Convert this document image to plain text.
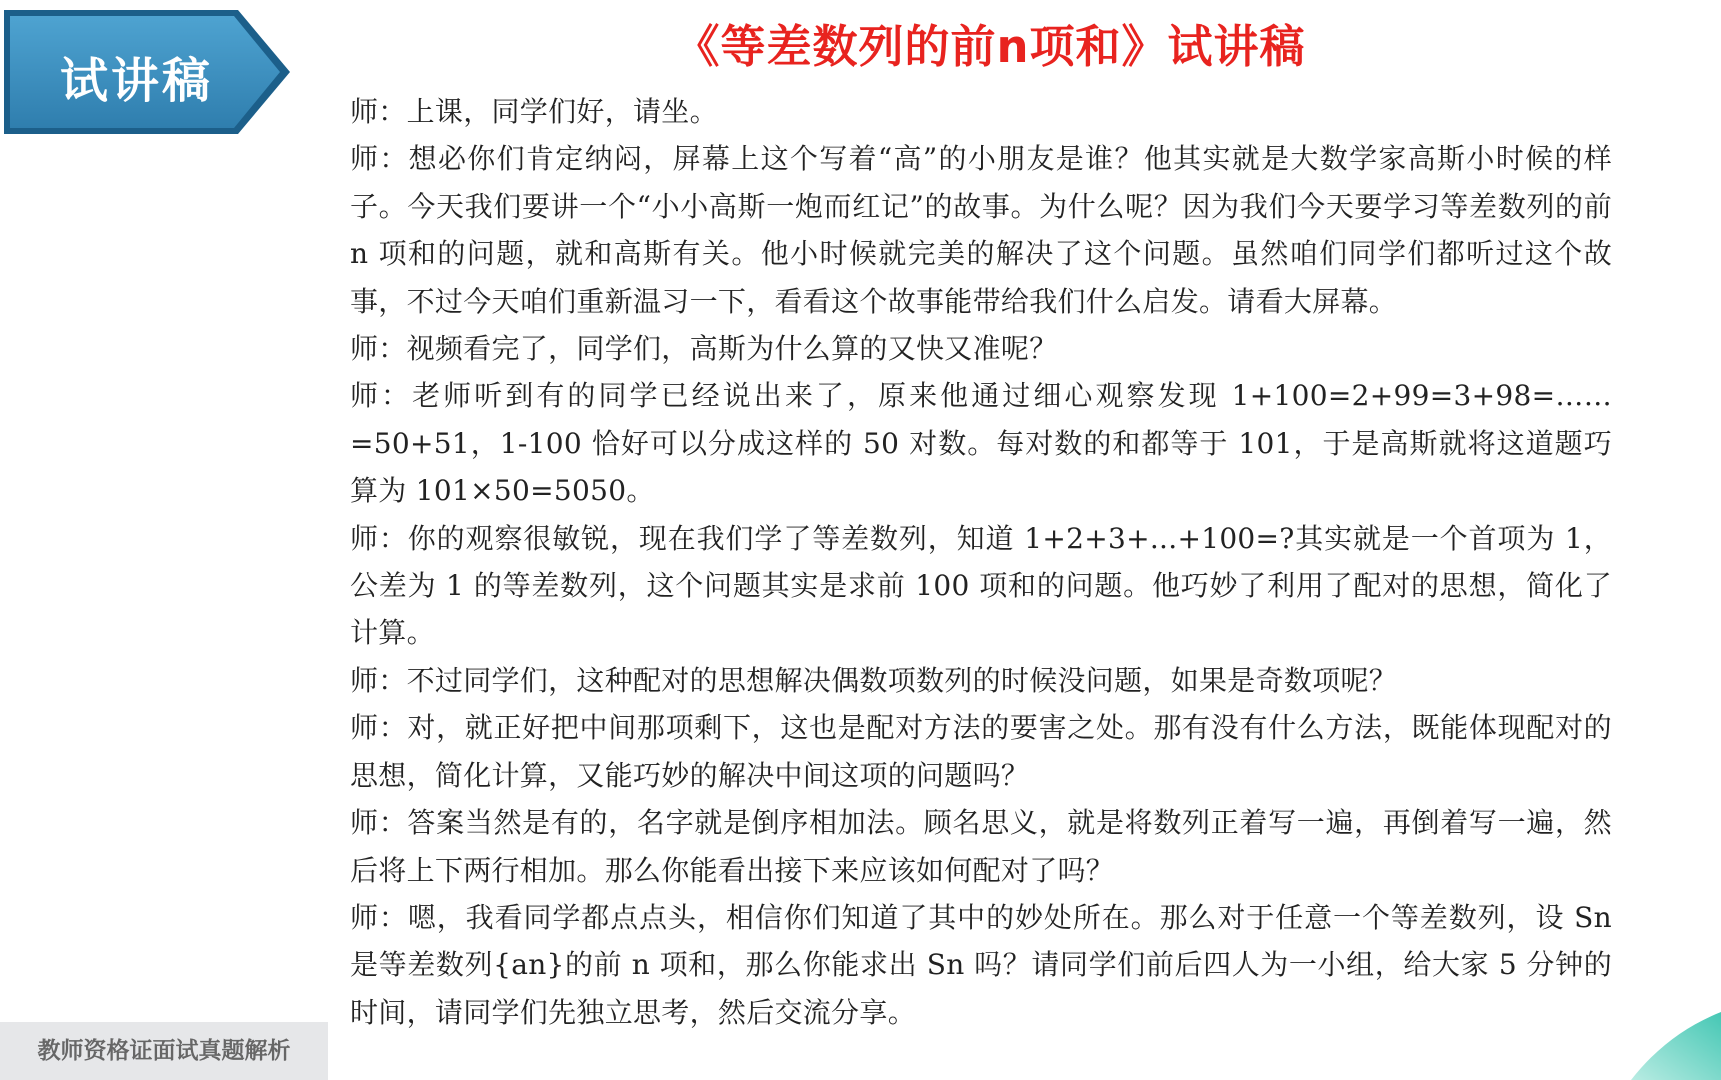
试讲稿
《等差数列的前n项和》试讲稿

师：上课，同学们好，请坐。

师：想必你们肯定纳闷，屏幕上这个写着“高”的小朋友是谁？他其实就是大数学家高斯小时候的样子。今天我们要讲一个“小小高斯一炮而红记”的故事。为什么呢？因为我们今天要学习等差数列的前 n 项和的问题，就和高斯有关。他小时候就完美的解决了这个问题。虽然咱们同学们都听过这个故事，不过今天咱们重新温习一下，看看这个故事能带给我们什么启发。请看大屏幕。

师：视频看完了，同学们，高斯为什么算的又快又准呢？

师：老师听到有的同学已经说出来了，原来他通过细心观察发现 1+100=2+99=3+98=……=50+51，1-100 恰好可以分成这样的 50 对数。每对数的和都等于 101，于是高斯就将这道题巧算为 101×50=5050。

师：你的观察很敏锐，现在我们学了等差数列，知道 1+2+3+...+100=?其实就是一个首项为 1，公差为 1 的等差数列，这个问题其实是求前 100 项和的问题。他巧妙了利用了配对的思想，简化了计算。

师：不过同学们，这种配对的思想解决偶数项数列的时候没问题，如果是奇数项呢？

师：对，就正好把中间那项剩下，这也是配对方法的要害之处。那有没有什么方法，既能体现配对的思想，简化计算，又能巧妙的解决中间这项的问题吗？

师：答案当然是有的，名字就是倒序相加法。顾名思义，就是将数列正着写一遍，再倒着写一遍，然后将上下两行相加。那么你能看出接下来应该如何配对了吗？

师：嗯，我看同学都点点头，相信你们知道了其中的妙处所在。那么对于任意一个等差数列，设 Sn 是等差数列{an}的前 n 项和，那么你能求出 Sn 吗？请同学们前后四人为一小组，给大家 5 分钟的时间，请同学们先独立思考，然后交流分享。

教师资格证面试真题解析
